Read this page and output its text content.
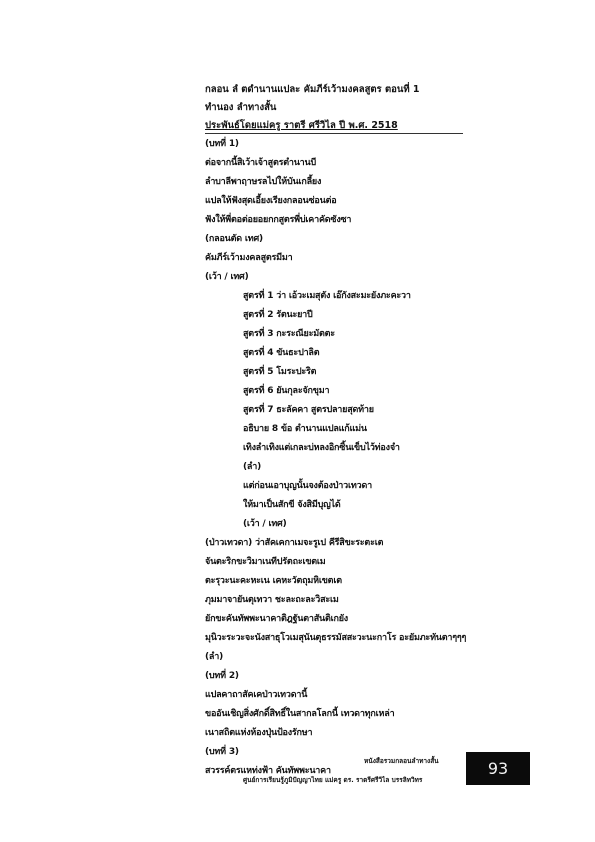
กลอน ลํ ตดํานานแปละ คัมภีร์เว้ามงคลสูตร ตอนที่ 1
ทํานอง ลําทางสั้น
ประพันธ์โดยแม่ครู ราตรี ศรีวิไล ปี พ.ศ. 2518
(บทที่ 1)
ต่อจากนี้สิเว้าเจ้าสูตรตํานานบี
ลําบาลีพาฤาษรลไปให้บันเกลี้ยง
แปลให้ฟังสุดเอี้ยงเรียงกลอนซ่อนต่อ
ฟังให้พี่ตอต่อยอยกกสูตรพี่บ่เคาคัดซังซา
(กลอนตัด เทศ)
คัมภีร์เว้ามงคลสูตรมีมา
(เว้า / เทศ)
สูตรที่ 1 ว่า เอ้วะเมสุตัง เอ๊กังสะมะยังภะคะวา
สูตรที่ 2 รัตนะยาปี
สูตรที่ 3 กะระณียะมัตตะ
สูตรที่ 4 ขันธะปาลิต
สูตรที่ 5 โมระปะริต
สูตรที่ 6 ยันกุละจักขุมา
สูตรที่ 7 ธะลัคคา สูตรปลายสุดท้าย
อธิบาย 8 ข้อ ตํานานแปลแก้แม่น
เทิงลําเทิงแต่เกละบ่หลงอิกซิ้นเข็บไว้ท่องจํา
(ลํา)
แต่ก่อนเอาบุญนั้นจงต้องป่าวเทวดา
ให้มาเป็นสักขี จังสิมีบุญได้
(เว้า / เทศ)
(ป่าวเทวดา) ว่าสัคเคกาเมจะรูเป คีรีสิขะระตะเต
จันตะริกขะวิมาเนทีปรัตถะเขตเม
ตะรุวะนะคะหะเน เคหะวัตถุมหิเขตเต
ภุมมาจายันตุเทวา ชะละถะละวิสะเม
ยักขะคันทัพพะนาคาติฎฐันตาสันติเกยัง
มุนิวะระวะจะนังสาธุโวเมสุนันตุธรรมัสสะวะนะกาโร อะยัมภะทันตาๆๆๆ
(ลํา)
(บทที่ 2)
แปลคาถาสัคเคป่าวเทวดานี้
ขออันเชิญสิ่งศักดิ์สิทธิ์ในสากลโลกนี้ เทวดาทุกเหล่า
เนาสถิตแห่งห้องปุ่นป้องรักษา
(บทที่ 3)
สวรรค์ตรแหท่งฟ้า คันทัพพะนาคา
หนังสือรวมกลอนลําทางสั้น
ศูนย์การเรียนรู้ภูมิปัญญาไทย แม่ครู ดร. ราตรีศรีวิไล บรรลิทวิทร
93
